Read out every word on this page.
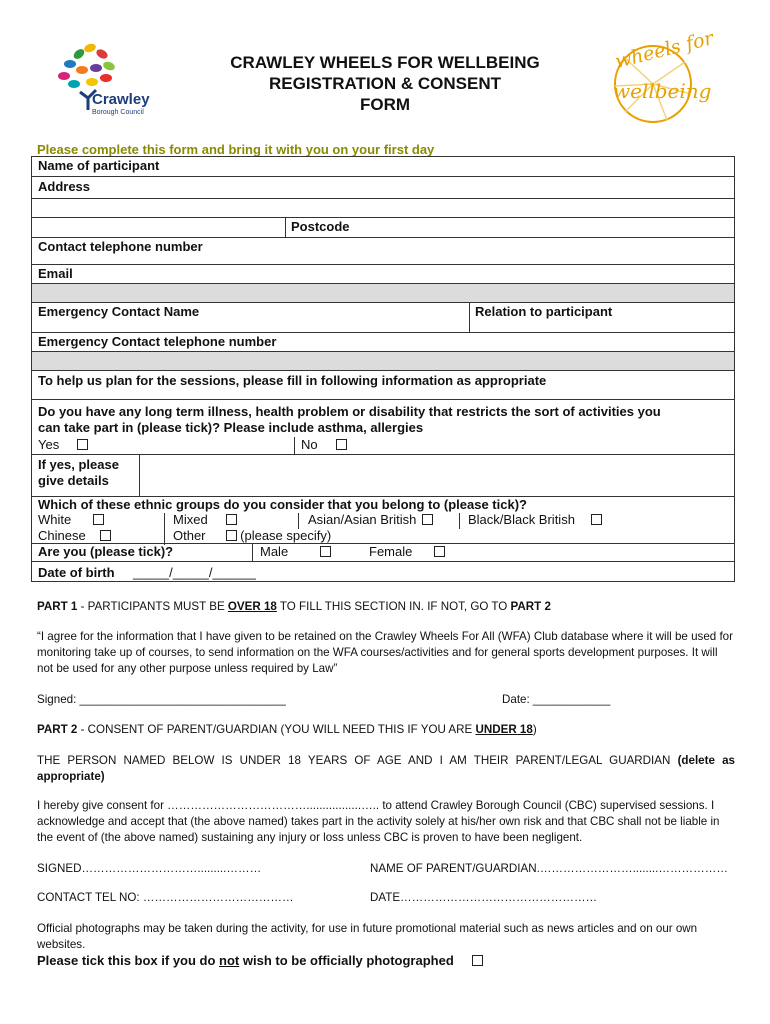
Crawley
Borough Council
CRAWLEY WHEELS FOR WELLBEING
REGISTRATION & CONSENT
FORM
wheels for
wellbeing
Please complete this form and bring it with you on your first day
Name of participant
Address
Postcode
Contact telephone number
Email
Emergency Contact Name	Relation to participant
Emergency Contact telephone number
To help us plan for the sessions, please fill in following information as appropriate
Do you have any long term illness, health problem or disability that restricts the sort of activities you
can take part in (please tick)? Please include asthma, allergies
Yes	No
If yes, please
give details
Which of these ethnic groups do you consider that you belong to (please tick)?
White	Mixed	Asian/Asian British	Black/Black British
Chinese	Other	(please specify)
Are you (please tick)?	Male	Female
Date of birth _____/_____/______
PART 1 - PARTICIPANTS MUST BE OVER 18 TO FILL THIS SECTION IN. IF NOT, GO TO PART 2
“I agree for the information that I have given to be retained on the Crawley Wheels For All (WFA) Club database where it will be used for monitoring take up of courses, to send information on the WFA courses/activities and for general sports development purposes. It will not be used for any other purpose unless required by Law”
Signed: ________________________________	Date: ____________
PART 2 - CONSENT OF PARENT/GUARDIAN (YOU WILL NEED THIS IF YOU ARE UNDER 18)
THE PERSON NAMED BELOW IS UNDER 18 YEARS OF AGE AND I AM THEIR PARENT/LEGAL GUARDIAN (delete as appropriate)
I hereby give consent for ……………………………….................….. to attend Crawley Borough Council (CBC) supervised sessions. I acknowledge and accept that (the above named) takes part in the activity solely at his/her own risk and that CBC shall not be liable in the event of (the above named) sustaining any injury or loss unless CBC is proven to have been negligent.
SIGNED………………………….........………	NAME OF PARENT/GUARDIAN.……………………........………………
CONTACT TEL NO: …………………………………	DATE……………………………………………
Official photographs may be taken during the activity, for use in future promotional material such as news articles and on our own websites.
Please tick this box if you do not wish to be officially photographed
